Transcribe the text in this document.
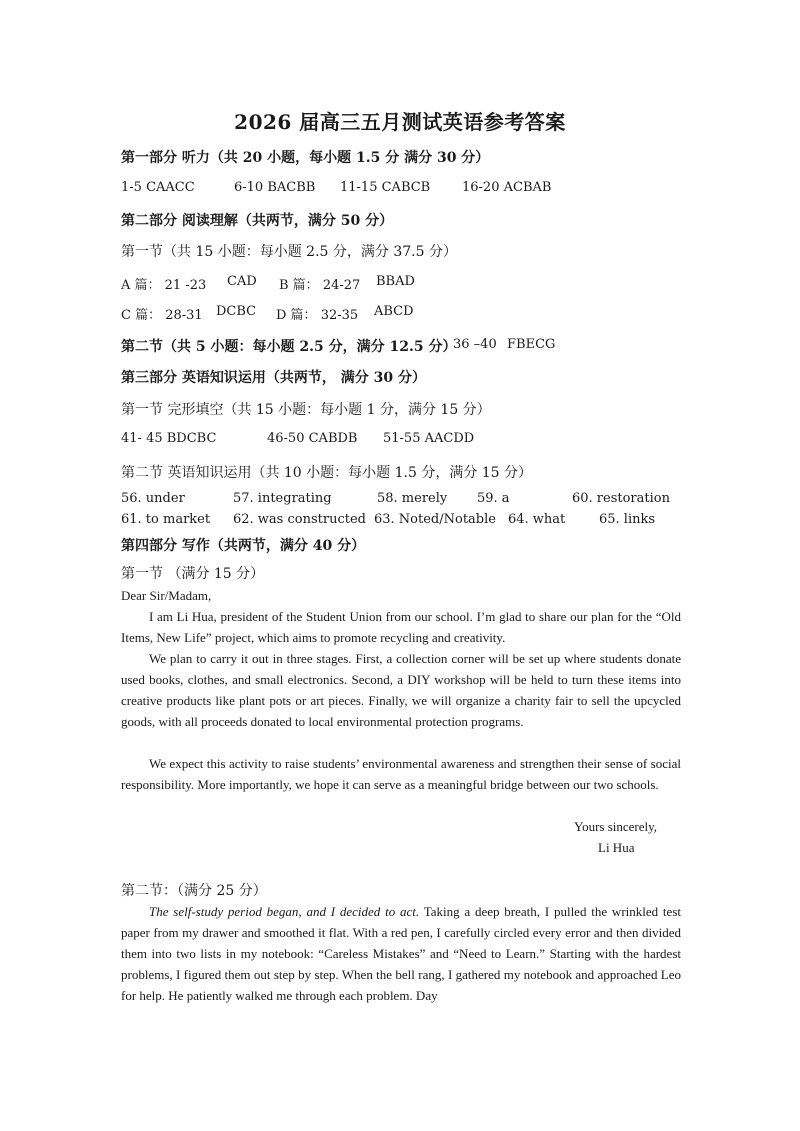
2026 届高三五月测试英语参考答案
第一部分 听力（共 20 小题，每小题 1.5 分 满分 30 分）
1-5 CAACC	6-10 BACBB 11-15 CABCB 16-20 ACBAB
第二部分 阅读理解（共两节，满分 50 分）
第一节（共 15 小题：每小题 2.5 分，满分 37.5 分）
A 篇： 21 -23 CAD B 篇： 24-27 BBAD
C 篇： 28-31 DCBC D 篇： 32-35 ABCD
第二节（共 5 小题：每小题 2.5 分，满分 12.5 分）
36 –40 FBECG
第三部分 英语知识运用（共两节， 满分 30 分）
第一节 完形填空（共 15 小题：每小题 1 分，满分 15 分）
41- 45 BDCBC	46-50 CABDB 51-55 AACDD
第二节 英语知识运用（共 10 小题：每小题 1.5 分，满分 15 分）
56. under	57. integrating	58. merely 59. a	60. restoration
61. to market 62. was constructed 63. Noted/Notable 64. what	65. links
第四部分 写作（共两节，满分 40 分）
第一节 （满分 15 分）
Dear Sir/Madam,
I am Li Hua, president of the Student Union from our school. I’m glad to share our plan for the “Old Items, New Life” project, which aims to promote recycling and creativity.
We plan to carry it out in three stages. First, a collection corner will be set up where students donate used books, clothes, and small electronics. Second, a DIY workshop will be held to turn these items into creative products like plant pots or art pieces. Finally, we will organize a charity fair to sell the upcycled goods, with all proceeds donated to local environmental protection programs.
We expect this activity to raise students’ environmental awareness and strengthen their sense of social responsibility. More importantly, we hope it can serve as a meaningful bridge between our two schools.
Yours sincerely,
Li Hua
第二节：（满分 25 分）
The self-study period began, and I decided to act. Taking a deep breath, I pulled the wrinkled test paper from my drawer and smoothed it flat. With a red pen, I carefully circled every error and then divided them into two lists in my notebook: “Careless Mistakes” and “Need to Learn.” Starting with the hardest problems, I figured them out step by step. When the bell rang, I gathered my notebook and approached Leo for help. He patiently walked me through each problem. Day
